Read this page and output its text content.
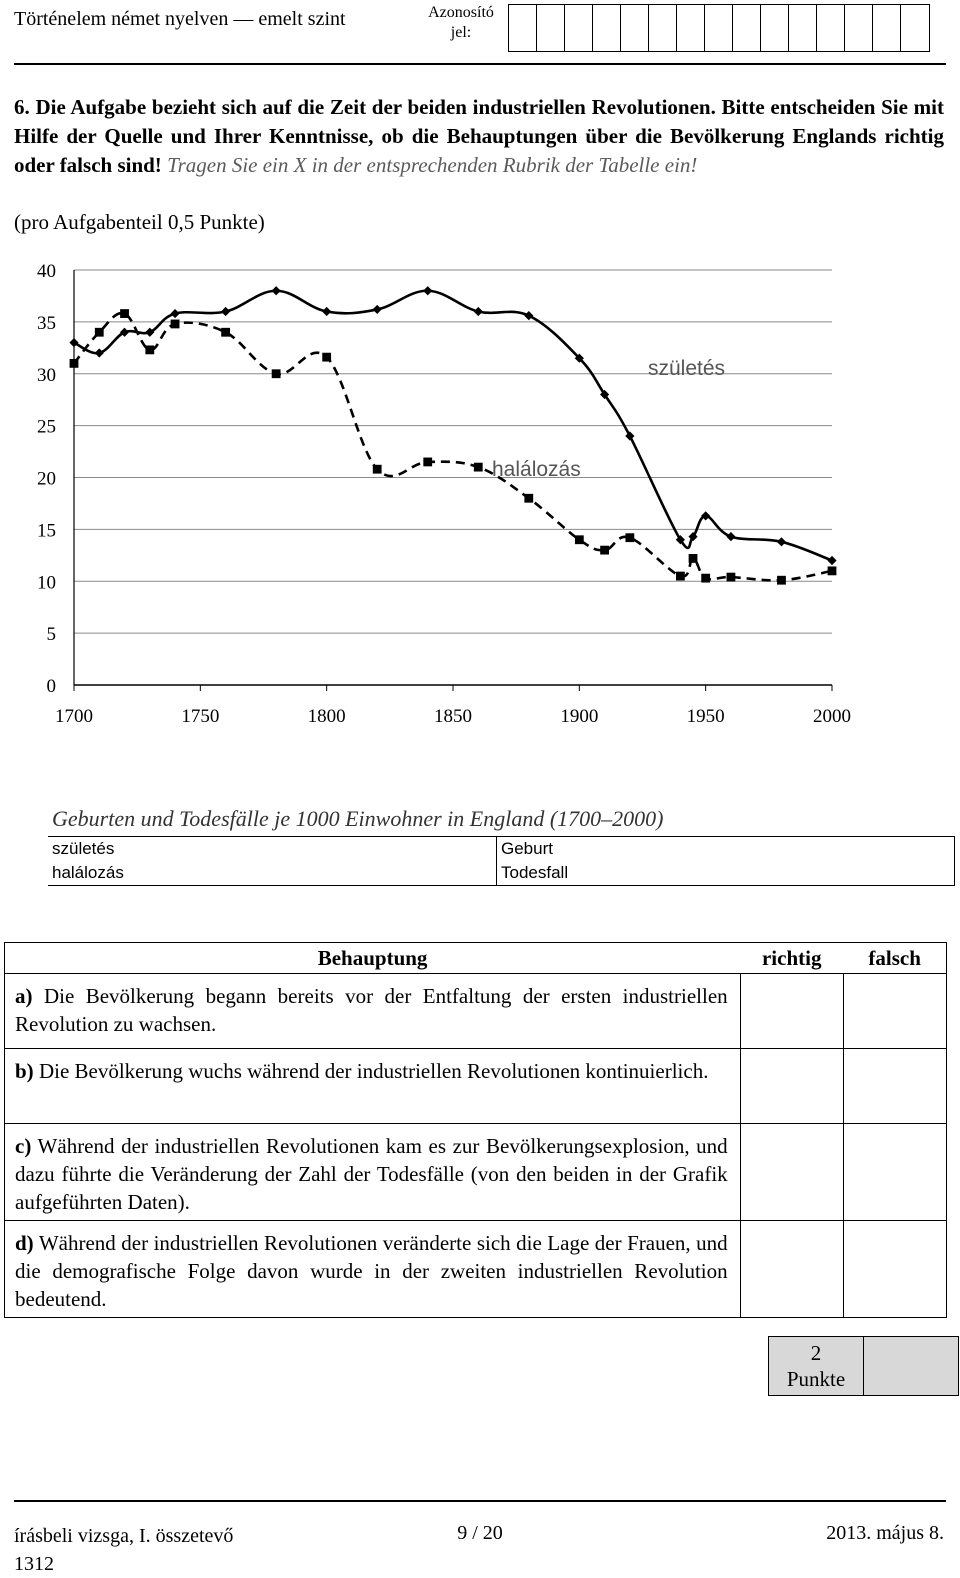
Történelem német nyelven — emelt szint	Azonosító
jel:
6. Die Aufgabe bezieht sich auf die Zeit der beiden industriellen Revolutionen. Bitte entscheiden Sie mit Hilfe der Quelle und Ihrer Kenntnisse, ob die Behauptungen über die Bevölkerung Englands richtig oder falsch sind! Tragen Sie ein X in der entsprechenden Rubrik der Tabelle ein!
(pro Aufgabenteil 0,5 Punkte)
1700	1750	1800	1850	1900	1950	2000
0
5
10
15
20
25
30
35
40
születés
halálozás
Geburten und Todesfälle je 1000 Einwohner in England (1700–2000)
születés	Geburt
halálozás	Todesfall
Behauptung	richtig	falsch
a) Die Bevölkerung begann bereits vor der Entfaltung der ersten industriellen Revolution zu wachsen.		
b) Die Bevölkerung wuchs während der industriellen Revolutionen kontinuierlich.		
c) Während der industriellen Revolutionen kam es zur Bevölkerungsexplosion, und dazu führte die Veränderung der Zahl der Todesfälle (von den beiden in der Grafik aufgeführten Daten).		
d) Während der industriellen Revolutionen veränderte sich die Lage der Frauen, und die demografische Folge davon wurde in der zweiten industriellen Revolution bedeutend.		
2
Punkte

írásbeli vizsga, I. összetevő
1312
9 / 20	2013. május 8.
